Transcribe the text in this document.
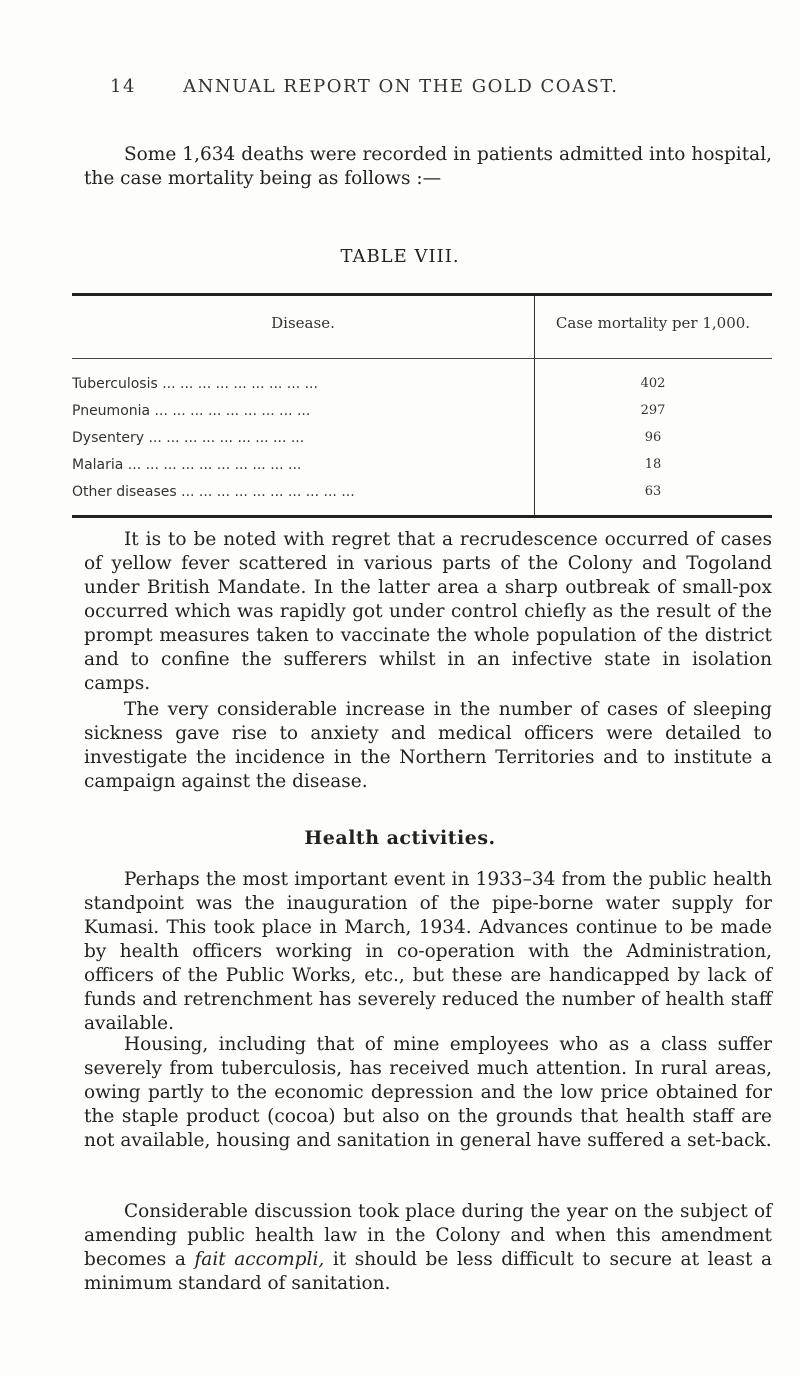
14	ANNUAL REPORT ON THE GOLD COAST.
Some 1,634 deaths were recorded in patients admitted into hospital, the case mortality being as follows :—
TABLE VIII.
Disease.	Case mortality per 1,000.
Tuberculosis ... ... ... ... ... ... ... ... ...	402
Pneumonia ... ... ... ... ... ... ... ... ...	297
Dysentery ... ... ... ... ... ... ... ... ...	96
Malaria ... ... ... ... ... ... ... ... ... ...	18
Other diseases ... ... ... ... ... ... ... ... ... ...	63
It is to be noted with regret that a recrudescence occurred of cases of yellow fever scattered in various parts of the Colony and Togoland under British Mandate. In the latter area a sharp outbreak of small-pox occurred which was rapidly got under control chiefly as the result of the prompt measures taken to vaccinate the whole population of the district and to confine the sufferers whilst in an infective state in isolation camps.
The very considerable increase in the number of cases of sleeping sickness gave rise to anxiety and medical officers were detailed to investigate the incidence in the Northern Territories and to institute a campaign against the disease.
Health activities.
Perhaps the most important event in 1933–34 from the public health standpoint was the inauguration of the pipe-borne water supply for Kumasi. This took place in March, 1934. Advances continue to be made by health officers working in co-operation with the Administration, officers of the Public Works, etc., but these are handicapped by lack of funds and retrenchment has severely reduced the number of health staff available.
Housing, including that of mine employees who as a class suffer severely from tuberculosis, has received much attention. In rural areas, owing partly to the economic depression and the low price obtained for the staple product (cocoa) but also on the grounds that health staff are not available, housing and sanitation in general have suffered a set-back.
Considerable discussion took place during the year on the subject of amending public health law in the Colony and when this amendment becomes a fait accompli, it should be less difficult to secure at least a minimum standard of sanitation.
